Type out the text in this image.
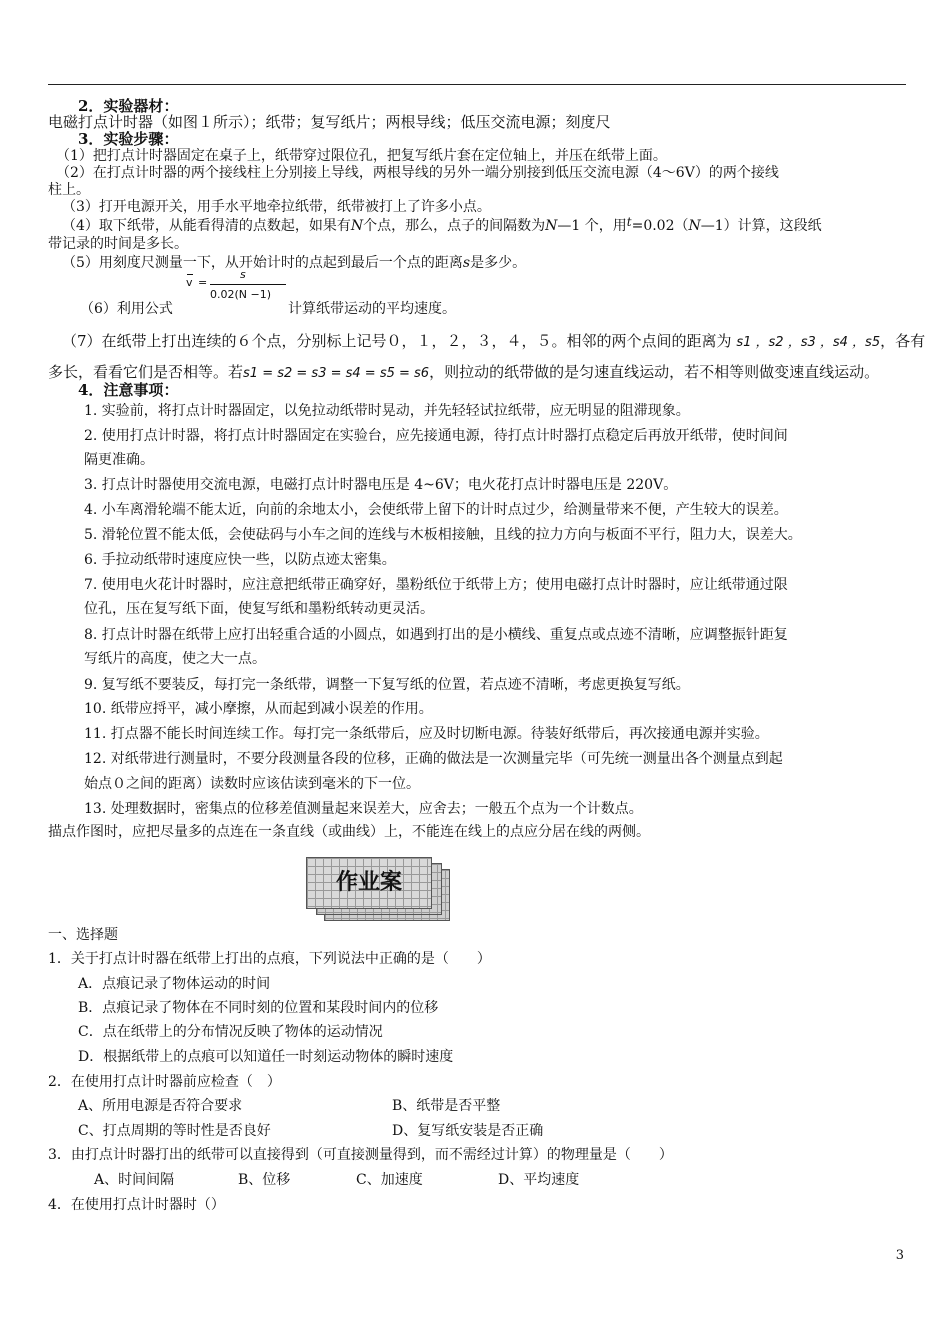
2．实验器材：
电磁打点计时器（如图１所示）；纸带；复写纸片；两根导线；低压交流电源；刻度尺
3．实验步骤：
（1）把打点计时器固定在桌子上，纸带穿过限位孔，把复写纸片套在定位轴上，并压在纸带上面。
（2）在打点计时器的两个接线柱上分别接上导线，两根导线的另外一端分别接到低压交流电源（4～6V）的两个接线
柱上。
（3）打开电源开关，用手水平地牵拉纸带，纸带被打上了许多小点。
（4）取下纸带，从能看得清的点数起，如果有N个点，那么，点子的间隔数为N—1 个，用t=0.02（N—1）计算，这段纸
带记录的时间是多长。
（5）用刻度尺测量一下，从开始计时的点起到最后一个点的距离s是多少。
（6）利用公式
v =
s
0.02(N −1)
计算纸带运动的平均速度。
（7）在纸带上打出连续的６个点，分别标上记号０，１，２，３，４，５。相邻的两个点间的距离为 s1 ，s2 ，s3 ，s4 ，s5，各有
多长，看看它们是否相等。若s1 = s2 = s3 = s4 = s5 = s6，则拉动的纸带做的是匀速直线运动，若不相等则做变速直线运动。
4．注意事项：
1. 实验前，将打点计时器固定，以免拉动纸带时晃动，并先轻轻试拉纸带，应无明显的阻滞现象。
2. 使用打点计时器，将打点计时器固定在实验台，应先接通电源，待打点计时器打点稳定后再放开纸带，使时间间
隔更准确。
3. 打点计时器使用交流电源，电磁打点计时器电压是 4~6V；电火花打点计时器电压是 220V。
4. 小车离滑轮端不能太近，向前的余地太小，会使纸带上留下的计时点过少，给测量带来不便，产生较大的误差。
5. 滑轮位置不能太低，会使砝码与小车之间的连线与木板相接触，且线的拉力方向与板面不平行，阻力大，误差大。
6. 手拉动纸带时速度应快一些，以防点迹太密集。
7. 使用电火花计时器时，应注意把纸带正确穿好，墨粉纸位于纸带上方；使用电磁打点计时器时，应让纸带通过限
位孔，压在复写纸下面，使复写纸和墨粉纸转动更灵活。
8. 打点计时器在纸带上应打出轻重合适的小圆点，如遇到打出的是小横线、重复点或点迹不清晰，应调整振针距复
写纸片的高度，使之大一点。
9. 复写纸不要装反，每打完一条纸带，调整一下复写纸的位置，若点迹不清晰，考虑更换复写纸。
10. 纸带应捋平，减小摩擦，从而起到减小误差的作用。
11. 打点器不能长时间连续工作。每打完一条纸带后，应及时切断电源。待装好纸带后，再次接通电源并实验。
12. 对纸带进行测量时，不要分段测量各段的位移，正确的做法是一次测量完毕（可先统一测量出各个测量点到起
始点０之间的距离）读数时应该估读到毫米的下一位。
13. 处理数据时，密集点的位移差值测量起来误差大，应舍去；一般五个点为一个计数点。
描点作图时，应把尽量多的点连在一条直线（或曲线）上，不能连在线上的点应分居在线的两侧。
作业案
一、选择题
1．关于打点计时器在纸带上打出的点痕，下列说法中正确的是（　　）
A．点痕记录了物体运动的时间
B．点痕记录了物体在不同时刻的位置和某段时间内的位移
C．点在纸带上的分布情况反映了物体的运动情况
D．根据纸带上的点痕可以知道任一时刻运动物体的瞬时速度
2．在使用打点计时器前应检查（　）
A、所用电源是否符合要求	B、纸带是否平整
C、打点周期的等时性是否良好	D、复写纸安装是否正确
3．由打点计时器打出的纸带可以直接得到（可直接测量得到，而不需经过计算）的物理量是（　　）
A、时间间隔	B、位移	C、加速度	D、平均速度
4．在使用打点计时器时（）
3
